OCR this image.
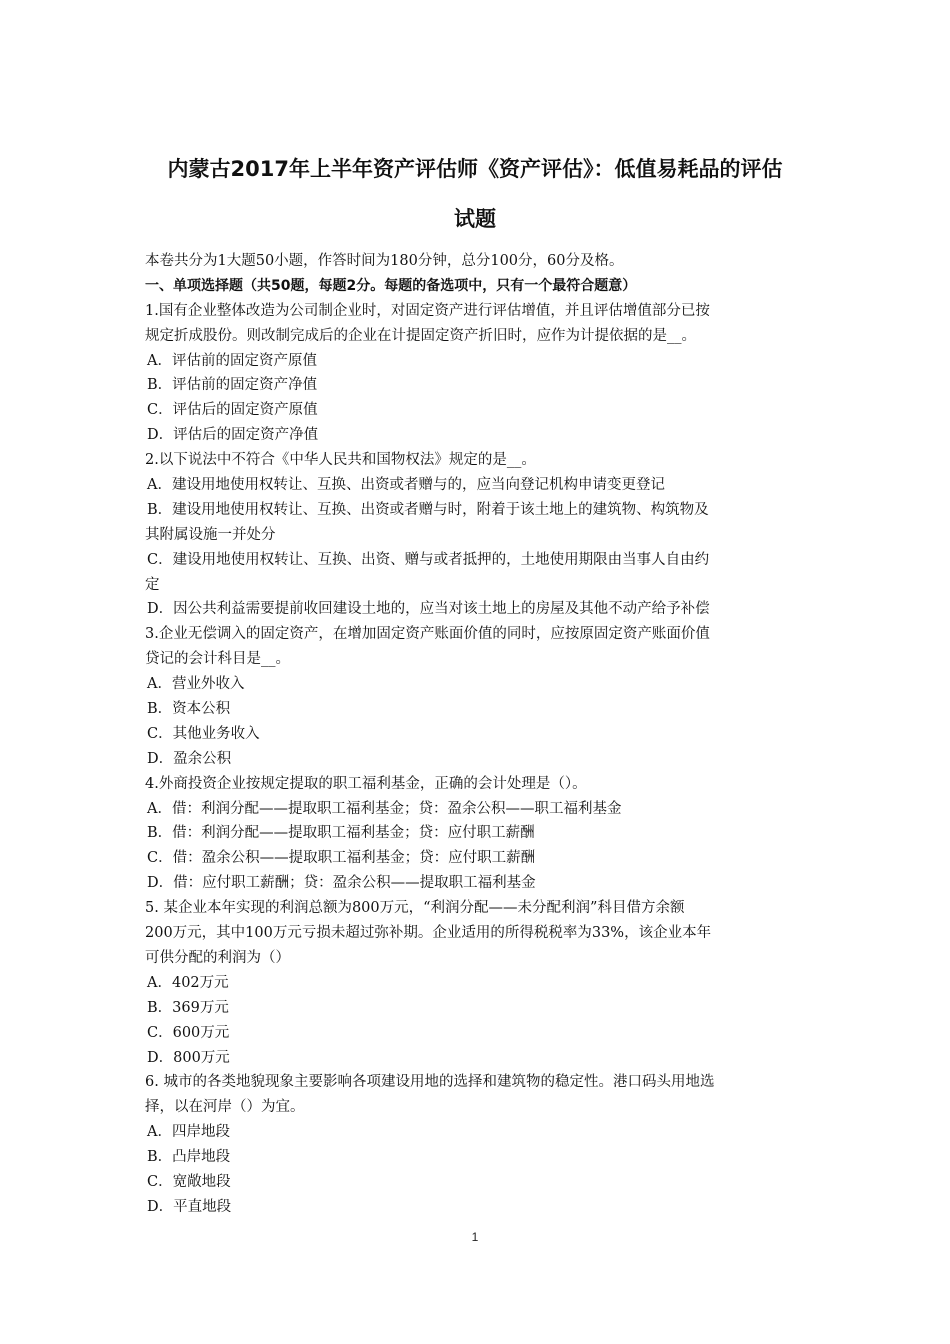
内蒙古2017年上半年资产评估师《资产评估》：低值易耗品的评估
试题
本卷共分为1大题50小题，作答时间为180分钟，总分100分，60分及格。
一、单项选择题（共50题，每题2分。每题的备选项中，只有一个最符合题意）
1.国有企业整体改造为公司制企业时，对固定资产进行评估增值，并且评估增值部分已按
规定折成股份。则改制完成后的企业在计提固定资产折旧时，应作为计提依据的是__。
A．评估前的固定资产原值
B．评估前的固定资产净值
C．评估后的固定资产原值
D．评估后的固定资产净值
2.以下说法中不符合《中华人民共和国物权法》规定的是__。
A．建设用地使用权转让、互换、出资或者赠与的，应当向登记机构申请变更登记
B．建设用地使用权转让、互换、出资或者赠与时，附着于该土地上的建筑物、构筑物及
其附属设施一并处分
C．建设用地使用权转让、互换、出资、赠与或者抵押的，土地使用期限由当事人自由约
定
D．因公共利益需要提前收回建设土地的，应当对该土地上的房屋及其他不动产给予补偿
3.企业无偿调入的固定资产，在增加固定资产账面价值的同时，应按原固定资产账面价值
贷记的会计科目是__。
A．营业外收入
B．资本公积
C．其他业务收入
D．盈余公积
4.外商投资企业按规定提取的职工福利基金，正确的会计处理是（）。
A．借：利润分配——提取职工福利基金；贷：盈余公积——职工福利基金
B．借：利润分配——提取职工福利基金；贷：应付职工薪酬
C．借：盈余公积——提取职工福利基金；贷：应付职工薪酬
D．借：应付职工薪酬；贷：盈余公积——提取职工福利基金
5. 某企业本年实现的利润总额为800万元，“利润分配——未分配利润”科目借方余额
200万元，其中100万元亏损未超过弥补期。企业适用的所得税税率为33%，该企业本年
可供分配的利润为（）
A．402万元
B．369万元
C．600万元
D．800万元
6. 城市的各类地貌现象主要影响各项建设用地的选择和建筑物的稳定性。港口码头用地选
择，以在河岸（）为宜。
A．四岸地段
B．凸岸地段
C．宽敞地段
D．平直地段
1
